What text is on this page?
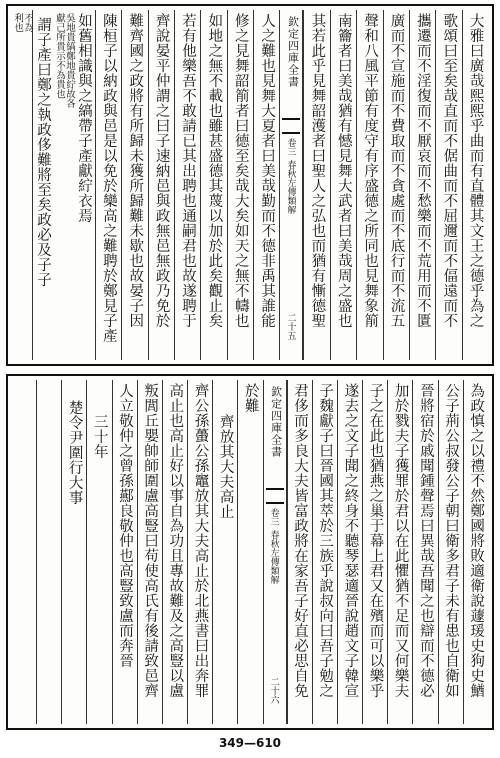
大雅曰廣哉熙熙乎曲而有直體其文王之德乎為之
歌頌曰至矣哉直而不倨曲而不屈邇而不偪遠而不
攜遷而不淫復而不厭哀而不愁樂而不荒用而不匱
廣而不宣施而不費取而不貪處而不底行而不流五
聲和八風平節有度守有序盛德之所同也見舞象箾
南籥者曰美哉猶有憾見舞大武者曰美哉周之盛也
其若此乎見舞韶濩者曰聖人之弘也而猶有慚德聖
欽定四庫全書
卷三
春秋左傳類解
二十五
人之難也見舞大夏者曰美哉勤而不德非禹其誰能
修之見舞韶箾者曰德至矣哉大矣如天之無不幬也
如地之無不載也雖甚盛德其蔑以加於此矣觀止矣
若有他樂吾不敢請已其出聘也通嗣君也故遂聘于
齊說晏平仲謂之曰子速納邑與政無邑無政乃免於
難齊國之政將有所歸未獲所歸難未歇也故晏子因
陳桓子以納政與邑是以免於欒高之難聘於鄭見子產
如舊相識與之縞帶子產獻紵衣焉
吳地貴縞鄭地貴紵故各
獻己所貴示不為貴也
謂子產曰鄭之執政侈難將至矣政必及子子
不為
利也
為政慎之以禮不然鄭國將敗適衛說蘧瑗史狗史鰌
公子荊公叔發公子朝曰衛多君子未有患也自衛如
晉將宿於戚聞鍾聲焉曰異哉吾聞之也辯而不德必
加於戮夫子獲罪於君以在此懼猶不足而又何樂夫
子之在此也猶燕之巢于幕上君又在殯而可以樂乎
遂去之文子聞之終身不聽琴瑟適晉說趙文子韓宣
子魏獻子曰晉國其萃於三族乎說叔向曰吾子勉之
君侈而多良大夫皆富政將在家吾子好直必思自免
欽定四庫全書
卷三
春秋左傳類解
二十六
於難
齊放其大夫高止
齊公孫蠆公孫竈放其大夫高止於北燕書曰出奔罪
高止也高止好以事自為功且專故難及之高豎以盧
叛閭丘嬰帥師圍盧高豎曰苟使高氏有後請致邑齊
人立敬仲之曾孫酀良敬仲也高豎致盧而奔晉
三十年
楚令尹圍行大事
349—610
